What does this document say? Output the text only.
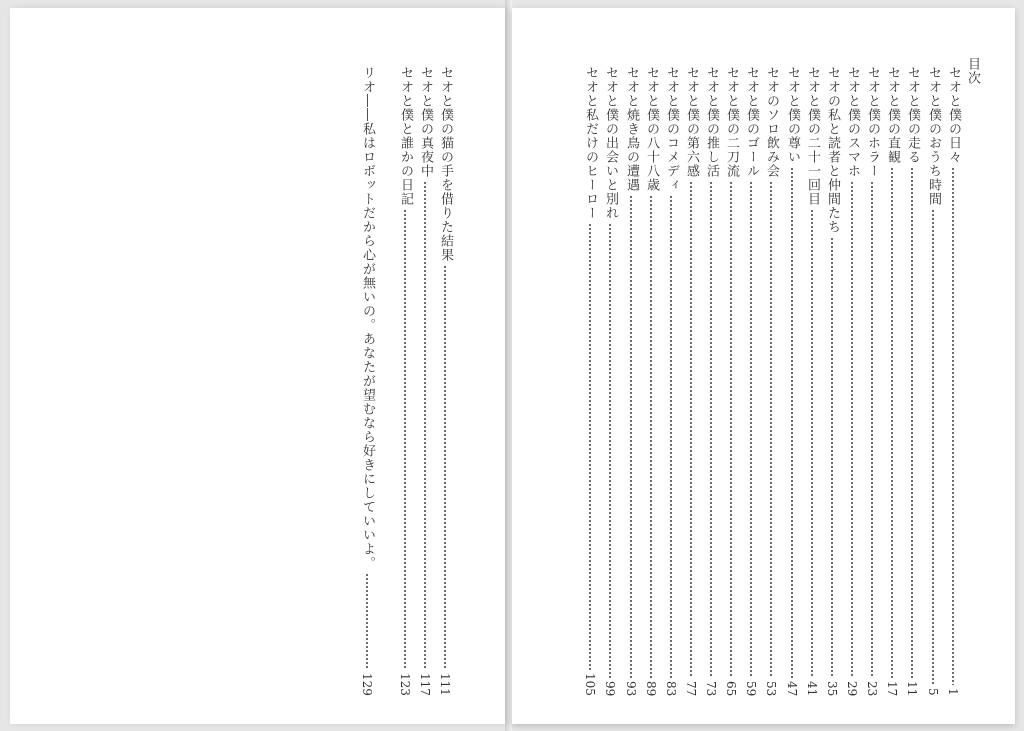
目次
セオと僕の日々
1
セオと僕のおうち時間
5
セオと僕の走る
11
セオと僕の直観
17
セオと僕のホラー
23
セオと僕のスマホ
29
セオの私と読者と仲間たち
35
セオと僕の二十一回目
41
セオと僕の尊い
47
セオのソロ飲み会
53
セオと僕のゴール
59
セオと僕の二刀流
65
セオと僕の推し活
73
セオと僕の第六感
77
セオと僕のコメディ
83
セオと僕の八十八歳
89
セオと焼き鳥の遭遇
93
セオと僕の出会いと別れ
99
セオと私だけのヒーロー
105
セオと僕の猫の手を借りた結果
111
セオと僕の真夜中
117
セオと僕と誰かの日記
123
リオ――私はロボットだから心が無いの。あなたが望むなら好きにしていいよ。
129
